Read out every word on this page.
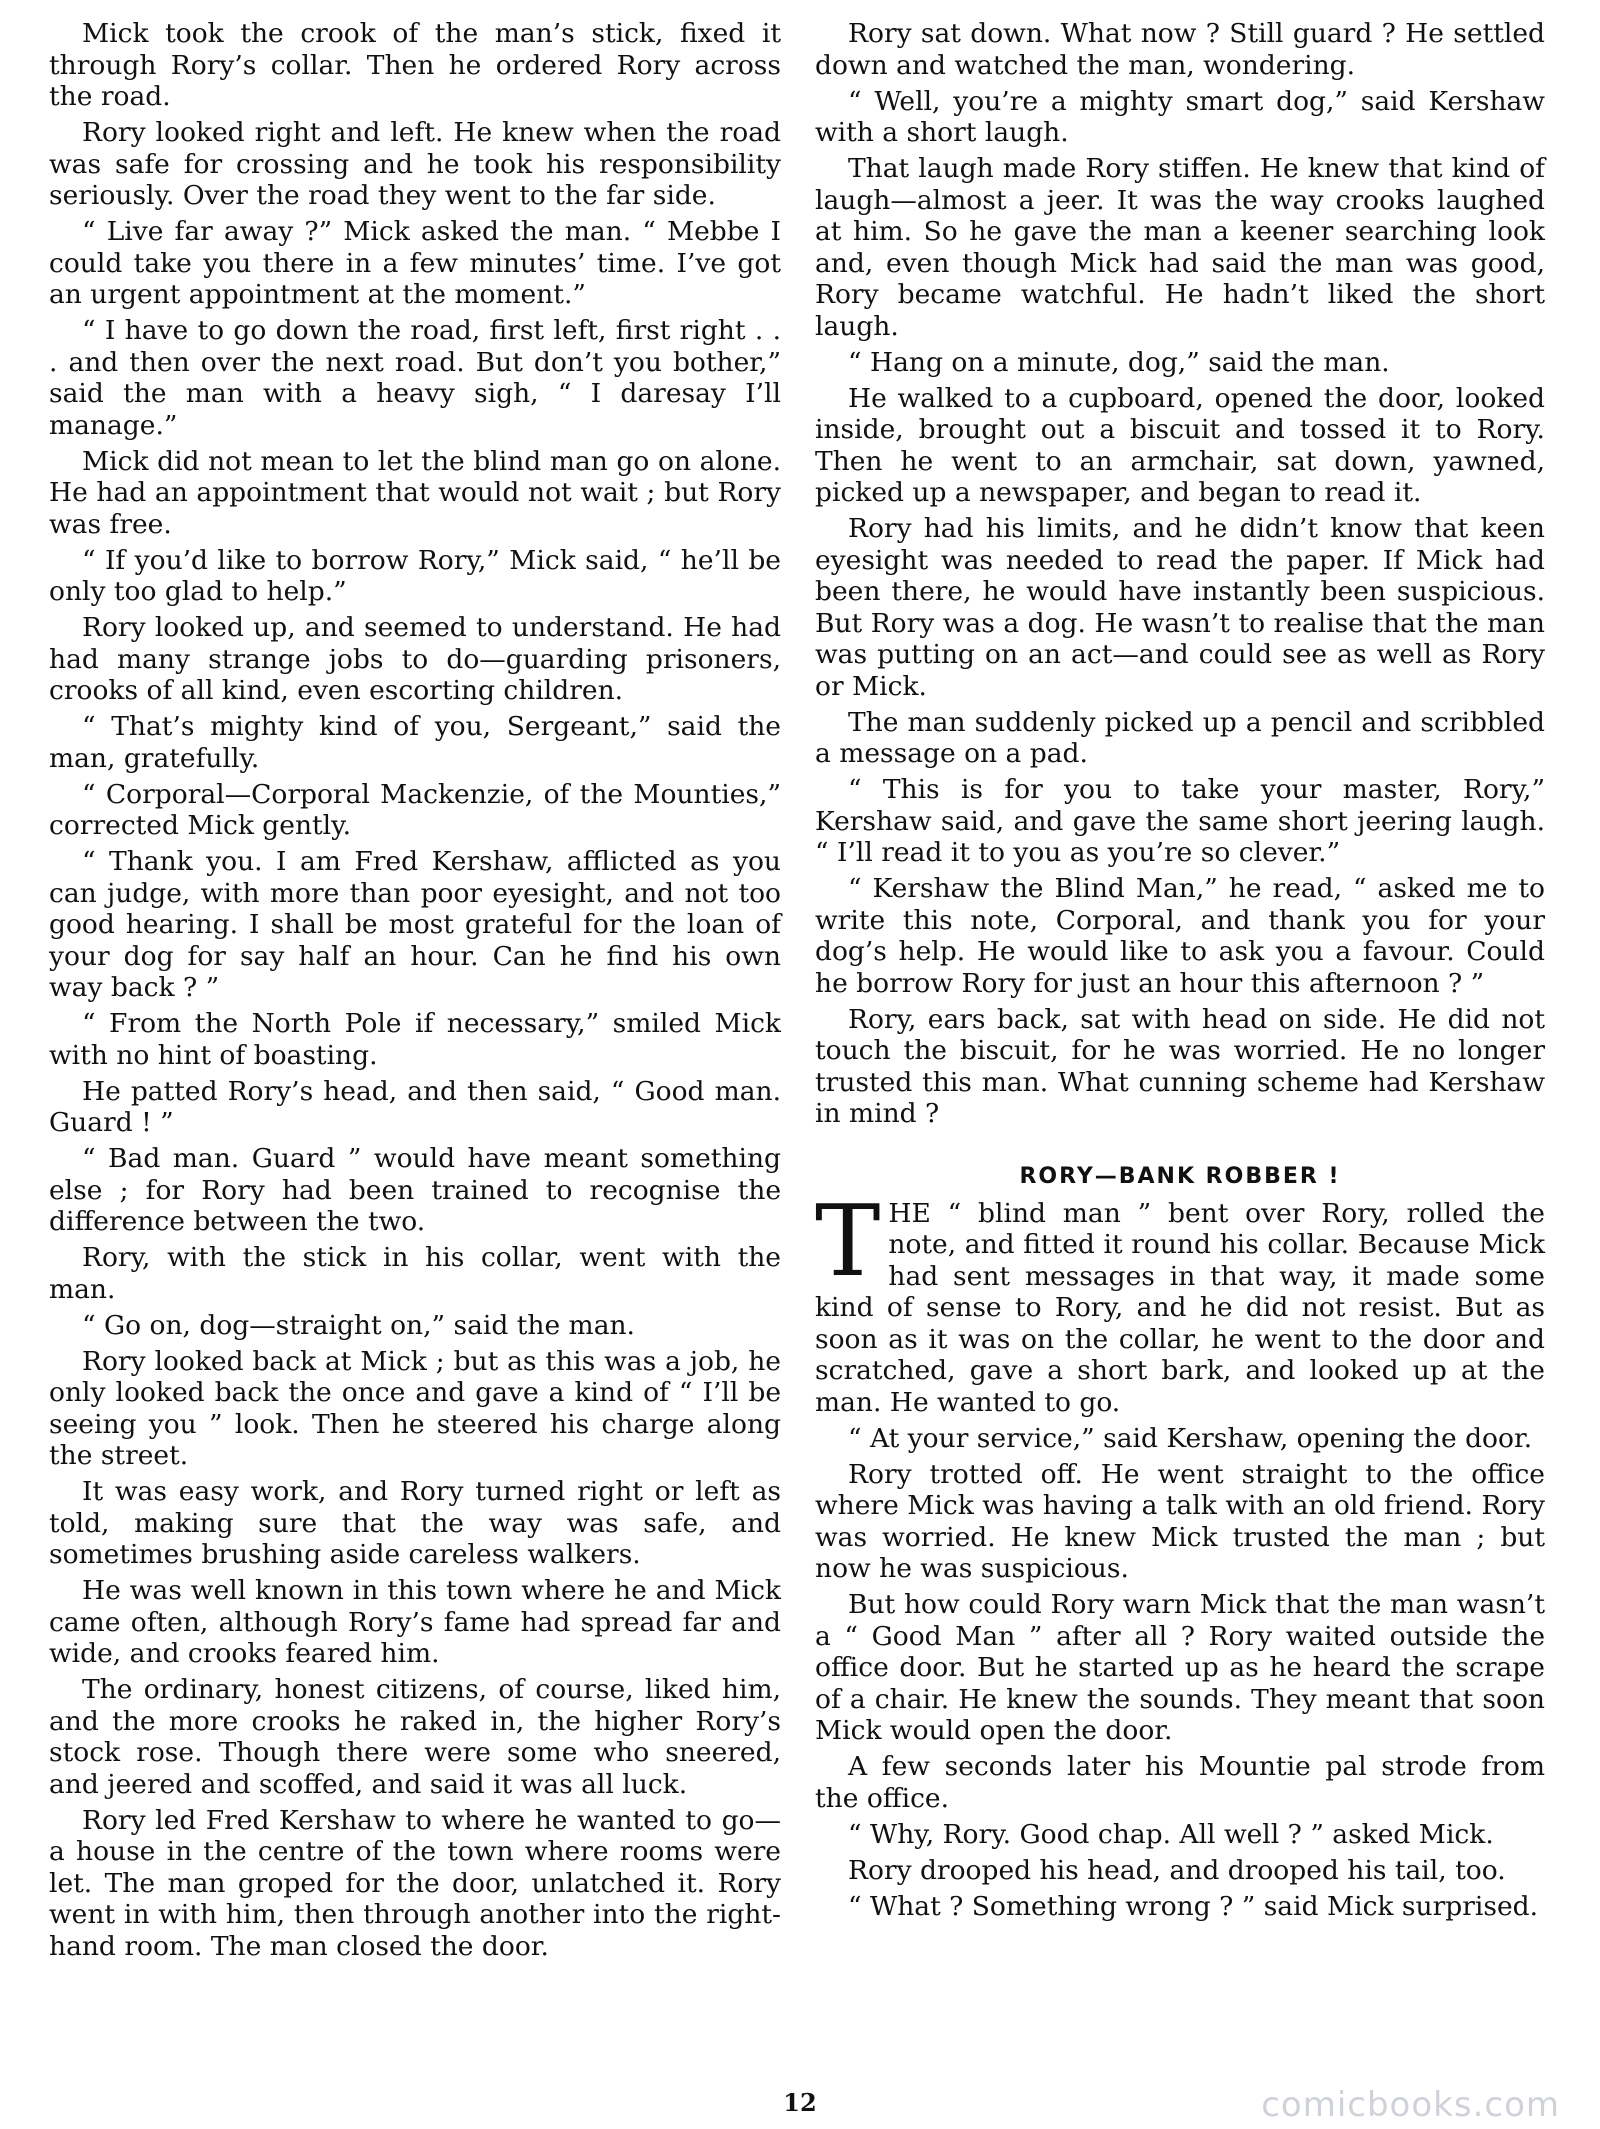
Mick took the crook of the man’s stick, fixed it through Rory’s collar. Then he ordered Rory across the road.

Rory looked right and left. He knew when the road was safe for crossing and he took his responsibility seriously. Over the road they went to the far side.

“ Live far away ?” Mick asked the man. “ Mebbe I could take you there in a few minutes’ time. I’ve got an urgent appointment at the moment.”

“ I have to go down the road, first left, first right . . . and then over the next road. But don’t you bother,” said the man with a heavy sigh, “ I daresay I’ll manage.”

Mick did not mean to let the blind man go on alone. He had an appointment that would not wait ; but Rory was free.

“ If you’d like to borrow Rory,” Mick said, “ he’ll be only too glad to help.”

Rory looked up, and seemed to understand. He had had many strange jobs to do—guarding prisoners, crooks of all kind, even escorting children.

“ That’s mighty kind of you, Sergeant,” said the man, gratefully.

“ Corporal—Corporal Mackenzie, of the Mounties,” corrected Mick gently.

“ Thank you. I am Fred Kershaw, afflicted as you can judge, with more than poor eyesight, and not too good hearing. I shall be most grateful for the loan of your dog for say half an hour. Can he find his own way back ? ”

“ From the North Pole if necessary,” smiled Mick with no hint of boasting.

He patted Rory’s head, and then said, “ Good man. Guard ! ”

“ Bad man. Guard ” would have meant something else ; for Rory had been trained to recognise the difference between the two.

Rory, with the stick in his collar, went with the man.

“ Go on, dog—straight on,” said the man.

Rory looked back at Mick ; but as this was a job, he only looked back the once and gave a kind of “ I’ll be seeing you ” look. Then he steered his charge along the street.

It was easy work, and Rory turned right or left as told, making sure that the way was safe, and sometimes brushing aside careless walkers.

He was well known in this town where he and Mick came often, although Rory’s fame had spread far and wide, and crooks feared him.

The ordinary, honest citizens, of course, liked him, and the more crooks he raked in, the higher Rory’s stock rose. Though there were some who sneered, and jeered and scoffed, and said it was all luck.

Rory led Fred Kershaw to where he wanted to go—a house in the centre of the town where rooms were let. The man groped for the door, unlatched it. Rory went in with him, then through another into the right-hand room. The man closed the door.

Rory sat down. What now ? Still guard ? He settled down and watched the man, wondering.

“ Well, you’re a mighty smart dog,” said Kershaw with a short laugh.

That laugh made Rory stiffen. He knew that kind of laugh—almost a jeer. It was the way crooks laughed at him. So he gave the man a keener searching look and, even though Mick had said the man was good, Rory became watchful. He hadn’t liked the short laugh.

“ Hang on a minute, dog,” said the man.

He walked to a cupboard, opened the door, looked inside, brought out a biscuit and tossed it to Rory. Then he went to an armchair, sat down, yawned, picked up a newspaper, and began to read it.

Rory had his limits, and he didn’t know that keen eyesight was needed to read the paper. If Mick had been there, he would have instantly been suspicious. But Rory was a dog. He wasn’t to realise that the man was putting on an act—and could see as well as Rory or Mick.

The man suddenly picked up a pencil and scribbled a message on a pad.

“ This is for you to take your master, Rory,” Kershaw said, and gave the same short jeering laugh. “ I’ll read it to you as you’re so clever.”

“ Kershaw the Blind Man,” he read, “ asked me to write this note, Corporal, and thank you for your dog’s help. He would like to ask you a favour. Could he borrow Rory for just an hour this afternoon ? ”

Rory, ears back, sat with head on side. He did not touch the biscuit, for he was worried. He no longer trusted this man. What cunning scheme had Kershaw in mind ?

RORY—BANK ROBBER !

THE “ blind man ” bent over Rory, rolled the note, and fitted it round his collar. Because Mick had sent messages in that way, it made some kind of sense to Rory, and he did not resist. But as soon as it was on the collar, he went to the door and scratched, gave a short bark, and looked up at the man. He wanted to go.

“ At your service,” said Kershaw, opening the door.

Rory trotted off. He went straight to the office where Mick was having a talk with an old friend. Rory was worried. He knew Mick trusted the man ; but now he was suspicious.

But how could Rory warn Mick that the man wasn’t a “ Good Man ” after all ? Rory waited outside the office door. But he started up as he heard the scrape of a chair. He knew the sounds. They meant that soon Mick would open the door.

A few seconds later his Mountie pal strode from the office.

“ Why, Rory. Good chap. All well ? ” asked Mick.

Rory drooped his head, and drooped his tail, too.

“ What ? Something wrong ? ” said Mick surprised.

12	comicbooks.com
